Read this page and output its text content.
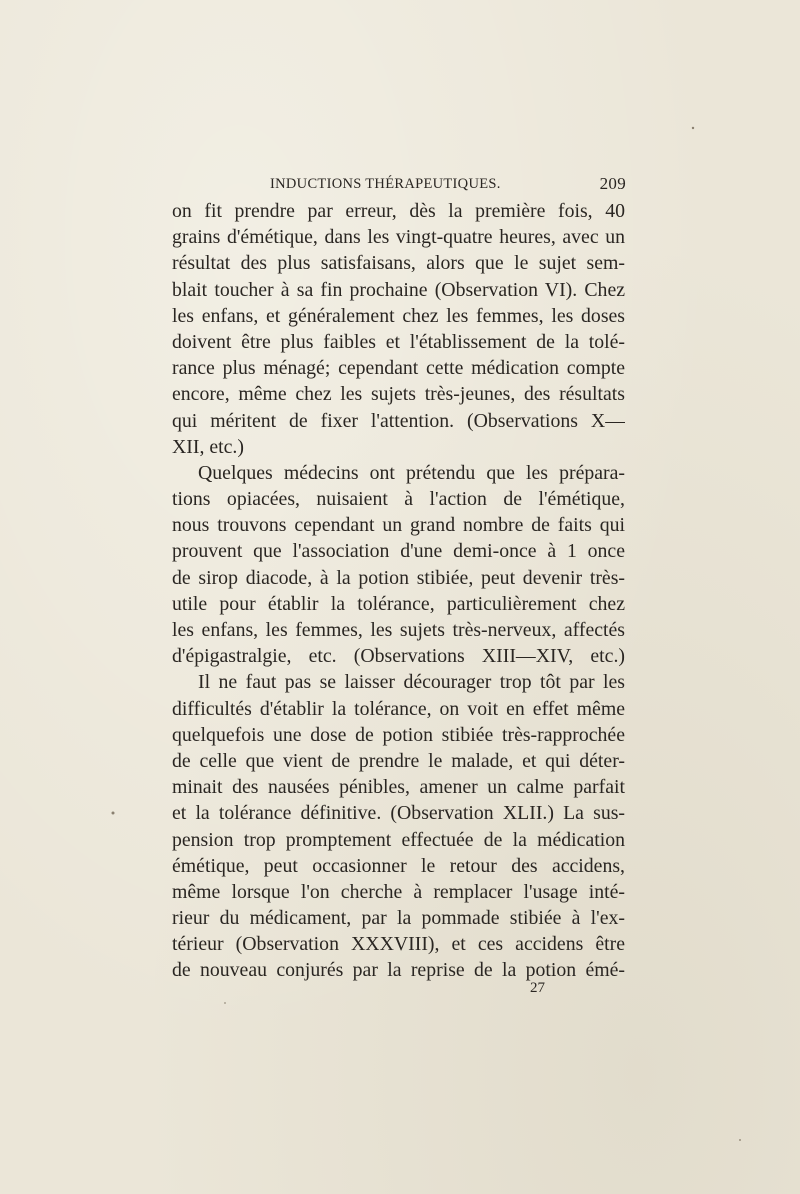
INDUCTIONS THÉRAPEUTIQUES.	209
on fit prendre par erreur, dès la première fois, 40
grains d'émétique, dans les vingt-quatre heures, avec un
résultat des plus satisfaisans, alors que le sujet sem-
blait toucher à sa fin prochaine (Observation VI). Chez
les enfans, et généralement chez les femmes, les doses
doivent être plus faibles et l'établissement de la tolé-
rance plus ménagé; cependant cette médication compte
encore, même chez les sujets très-jeunes, des résultats
qui méritent de fixer l'attention. (Observations X—
XII, etc.)
Quelques médecins ont prétendu que les prépara-
tions opiacées, nuisaient à l'action de l'émétique,
nous trouvons cependant un grand nombre de faits qui
prouvent que l'association d'une demi-once à 1 once
de sirop diacode, à la potion stibiée, peut devenir très-
utile pour établir la tolérance, particulièrement chez
les enfans, les femmes, les sujets très-nerveux, affectés
d'épigastralgie, etc. (Observations XIII—XIV, etc.)
Il ne faut pas se laisser décourager trop tôt par les
difficultés d'établir la tolérance, on voit en effet même
quelquefois une dose de potion stibiée très-rapprochée
de celle que vient de prendre le malade, et qui déter-
minait des nausées pénibles, amener un calme parfait
et la tolérance définitive. (Observation XLII.) La sus-
pension trop promptement effectuée de la médication
émétique, peut occasionner le retour des accidens,
même lorsque l'on cherche à remplacer l'usage inté-
rieur du médicament, par la pommade stibiée à l'ex-
térieur (Observation XXXVIII), et ces accidens être
de nouveau conjurés par la reprise de la potion émé-
27
